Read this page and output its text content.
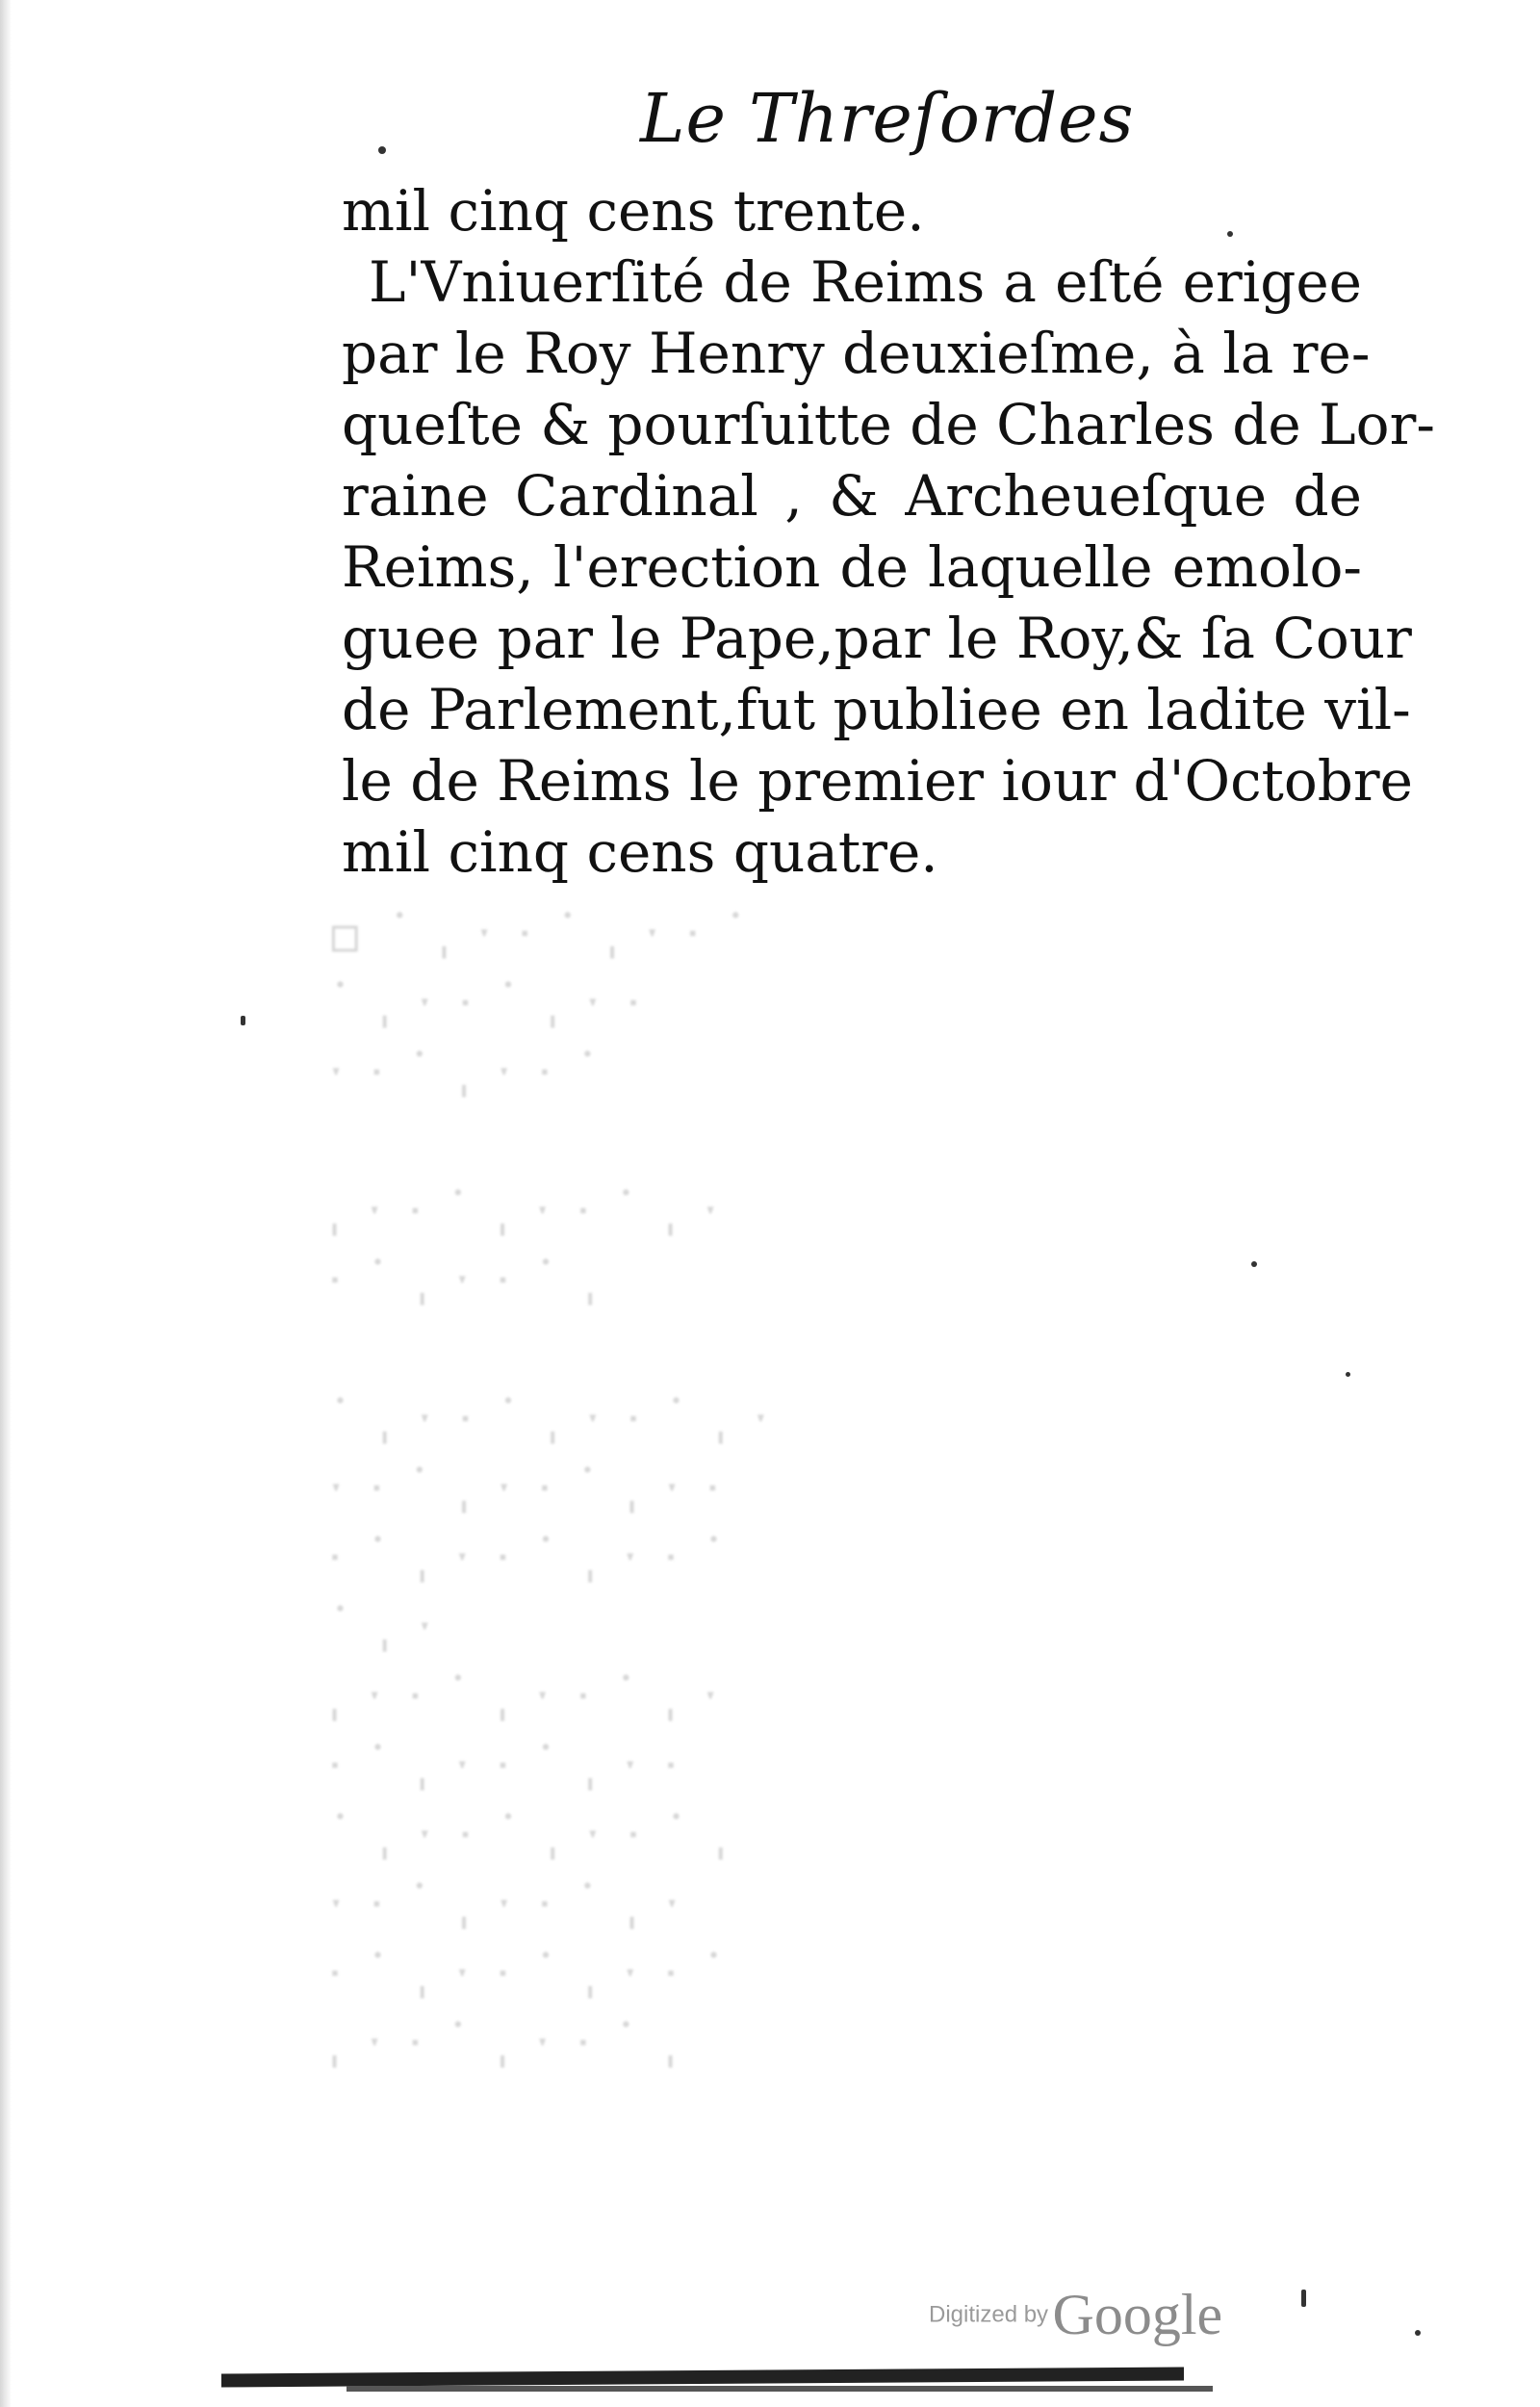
Le Threſordes
mil cinq cens trente.
L'Vniuerſité de Reims a eſté erigee
par le Roy Henry deuxieſme, à la re-
queſte & pourſuitte de Charles de Lor-
raine Cardinal , & Archeueſque de
Reims, l'erection de laquelle emolo-
guee par le Pape,par le Roy,& ſa Cour
de Parlement,fut publiee en ladite vil-
le de Reims le premier iour d'Octobre
mil cinq cens quatre.
▫ ˙ ˌ ˑ ᐧ ˙ ˌ ˑ ᐧ ˙
˙ ˌ ˑ ᐧ ˙ ˌ ˑ ᐧ
ˑ ᐧ ˙ ˌ ˑ ᐧ ˙

ˌ ˑ ᐧ ˙ ˌ ˑ ᐧ ˙ ˌ ˑ
ᐧ ˙ ˌ ˑ ᐧ ˙ ˌ

˙ ˌ ˑ ᐧ ˙ ˌ ˑ ᐧ ˙ ˌ ˑ
ˑ ᐧ ˙ ˌ ˑ ᐧ ˙ ˌ ˑ ᐧ
ᐧ ˙ ˌ ˑ ᐧ ˙ ˌ ˑ ᐧ ˙
˙ ˌ ˑ
ˌ ˑ ᐧ ˙ ˌ ˑ ᐧ ˙ ˌ ˑ
ᐧ ˙ ˌ ˑ ᐧ ˙ ˌ ˑ ᐧ
˙ ˌ ˑ ᐧ ˙ ˌ ˑ ᐧ ˙ ˌ
ˑ ᐧ ˙ ˌ ˑ ᐧ ˙ ˌ ˑ
ᐧ ˙ ˌ ˑ ᐧ ˙ ˌ ˑ ᐧ ˙
ˌ ˑ ᐧ ˙ ˌ ˑ ᐧ ˙ ˌ
Digitized by Google
